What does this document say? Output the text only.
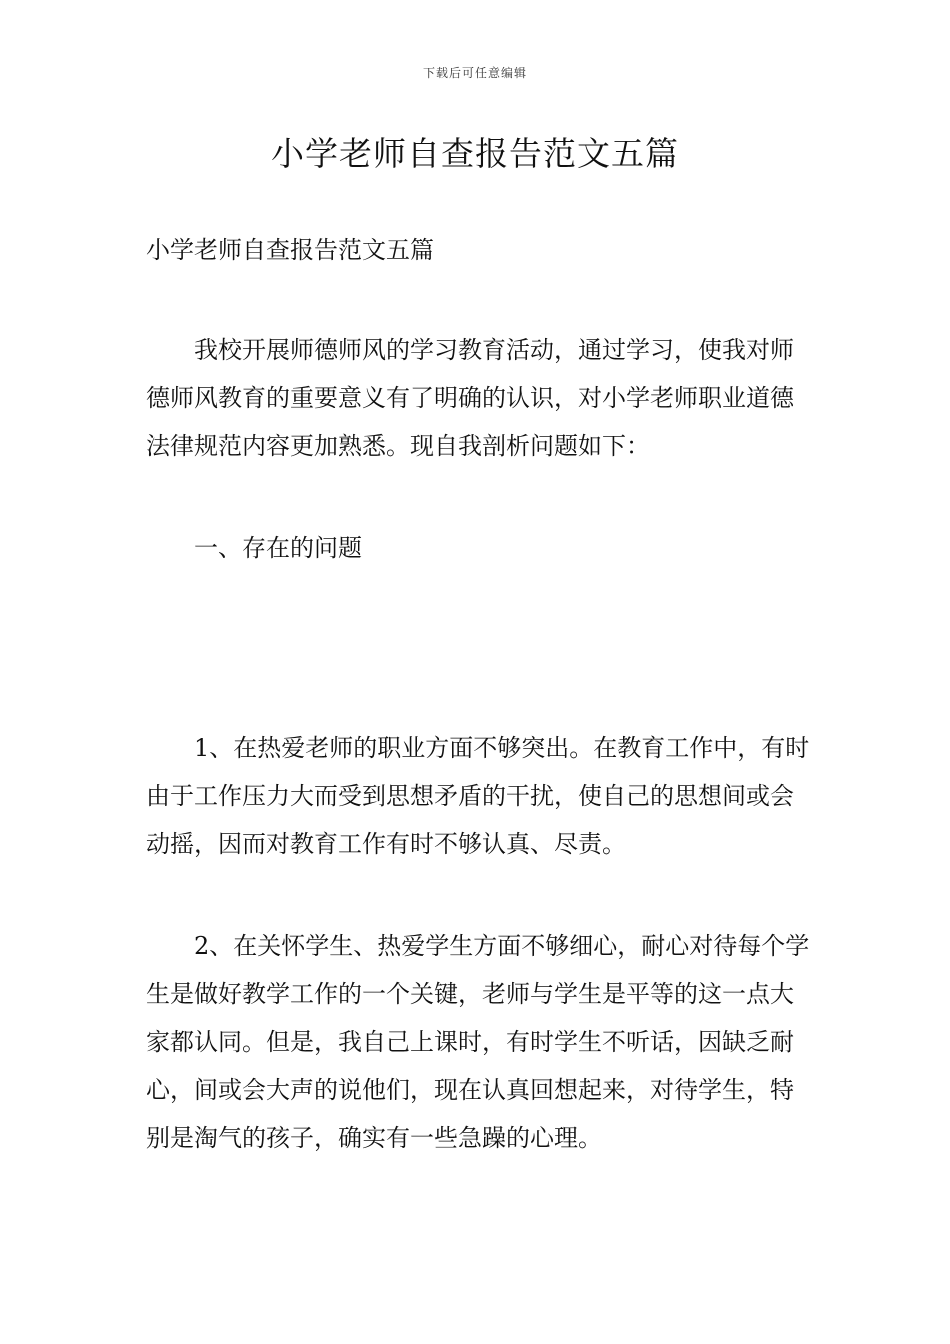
下载后可任意编辑
小学老师自查报告范文五篇
小学老师自查报告范文五篇
我校开展师德师风的学习教育活动，通过学习，使我对师德师风教育的重要意义有了明确的认识，对小学老师职业道德法律规范内容更加熟悉。现自我剖析问题如下：
一、存在的问题
1、在热爱老师的职业方面不够突出。在教育工作中，有时由于工作压力大而受到思想矛盾的干扰，使自己的思想间或会动摇，因而对教育工作有时不够认真、尽责。
2、在关怀学生、热爱学生方面不够细心，耐心对待每个学生是做好教学工作的一个关键，老师与学生是平等的这一点大家都认同。但是，我自己上课时，有时学生不听话，因缺乏耐心，间或会大声的说他们，现在认真回想起来，对待学生，特别是淘气的孩子，确实有一些急躁的心理。
